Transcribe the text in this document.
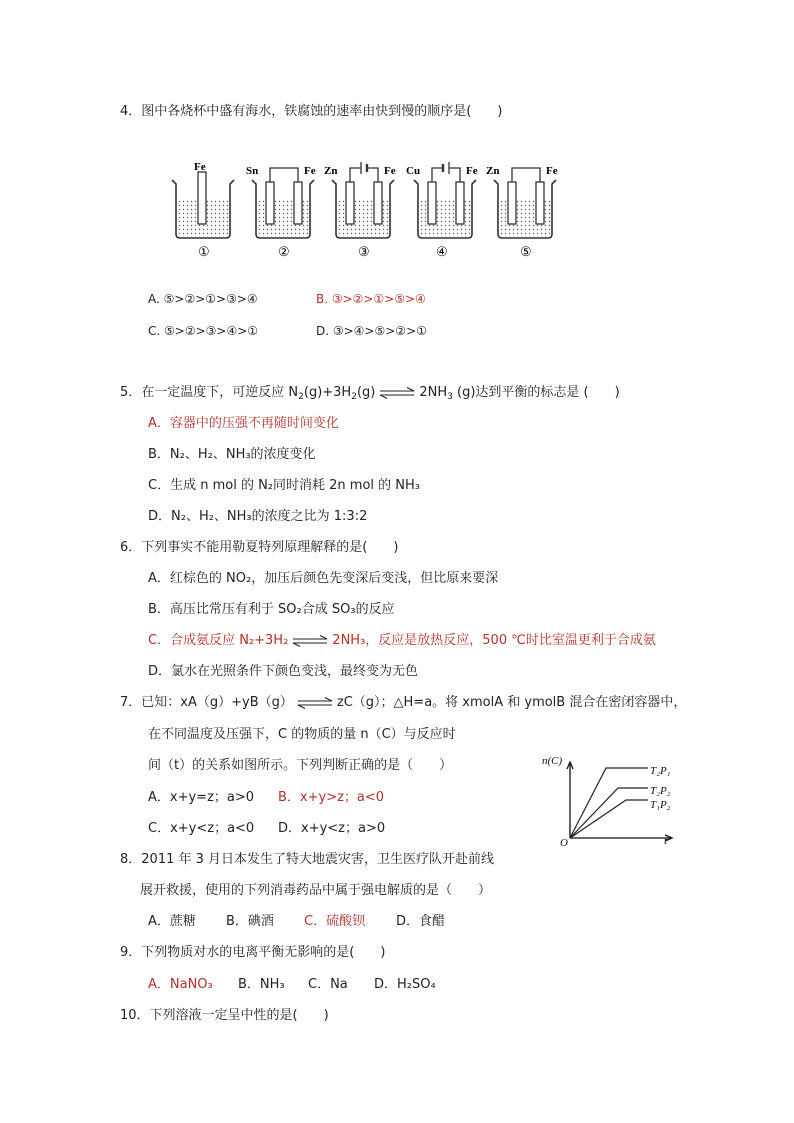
4．图中各烧杯中盛有海水，铁腐蚀的速率由快到慢的顺序是(　　)
Fe
①
Sn	Fe
②
Zn	Fe
③
Cu	Fe
④
Zn	Fe
⑤
A. ⑤>②>①>③>④	B. ③>②>①>⑤>④
C. ⑤>②>③>④>①	D. ③>④>⑤>②>①
5．在一定温度下，可逆反应 $N_2(g)+3H_2(g)$ ⇌ $2NH_3$ (g)达到平衡的标志是 (　　)
A．容器中的压强不再随时间变化
B．N₂、H₂、NH₃的浓度变化
C．生成 n mol 的 N₂同时消耗 2n mol 的 NH₃
D．N₂、H₂、NH₃的浓度之比为 1:3:2
6．下列事实不能用勒夏特列原理解释的是(　　)
A．红棕色的 NO₂，加压后颜色先变深后变浅，但比原来要深
B．高压比常压有利于 SO₂合成 SO₃的反应
C．合成氨反应 N₂+3H₂ ⇌ 2NH₃，反应是放热反应，500 ℃时比室温更利于合成氨
D．氯水在光照条件下颜色变浅，最终变为无色
7．已知：xA（g）+yB（g） ⇌ zC（g）；△H=a。将 xmolA 和 ymolB 混合在密闭容器中，
在不同温度及压强下，C 的物质的量 n（C）与反应时
间（t）的关系如图所示。下列判断正确的是（　　）
A．x+y=z；a>0 B．x+y>z；a<0
C．x+y<z；a<0 D．x+y<z；a>0
n(C)
t
O
T₂P₁
T₂P₂
T₁P₂
8．2011 年 3 月日本发生了特大地震灾害，卫生医疗队开赴前线
展开救援，使用的下列消毒药品中属于强电解质的是（　　）
A．蔗糖 B．碘酒 C．硫酸钡 D．食醋
9．下列物质对水的电离平衡无影响的是(　　)
A．NaNO₃ B．NH₃ C．Na D．H₂SO₄
10．下列溶液一定呈中性的是(　　)
